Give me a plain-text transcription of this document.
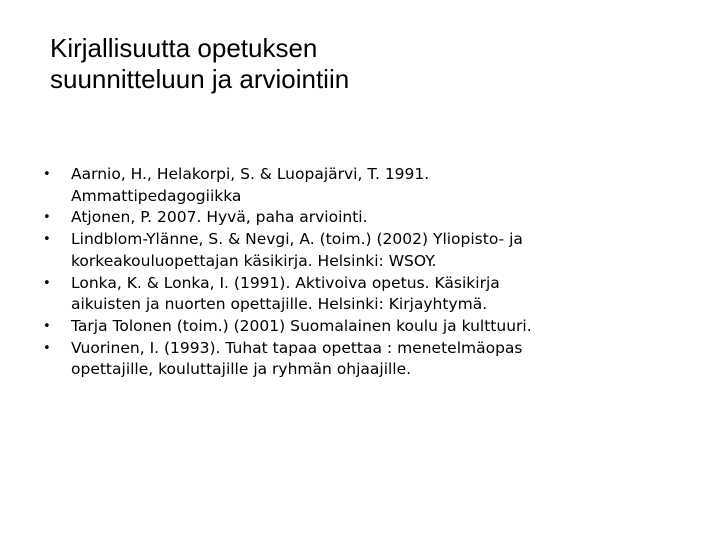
Kirjallisuutta opetuksen
suunnitteluun ja arviointiin
• Aarnio, H., Helakorpi, S. & Luopajärvi, T. 1991.
Ammattipedagogiikka
• Atjonen, P. 2007. Hyvä, paha arviointi.
• Lindblom-Ylänne, S. & Nevgi, A. (toim.) (2002) Yliopisto- ja
korkeakouluopettajan käsikirja. Helsinki: WSOY.
• Lonka, K. & Lonka, I. (1991). Aktivoiva opetus. Käsikirja
aikuisten ja nuorten opettajille. Helsinki: Kirjayhtymä.
• Tarja Tolonen (toim.) (2001) Suomalainen koulu ja kulttuuri.
• Vuorinen, I. (1993). Tuhat tapaa opettaa : menetelmäopas
opettajille, kouluttajille ja ryhmän ohjaajille.
